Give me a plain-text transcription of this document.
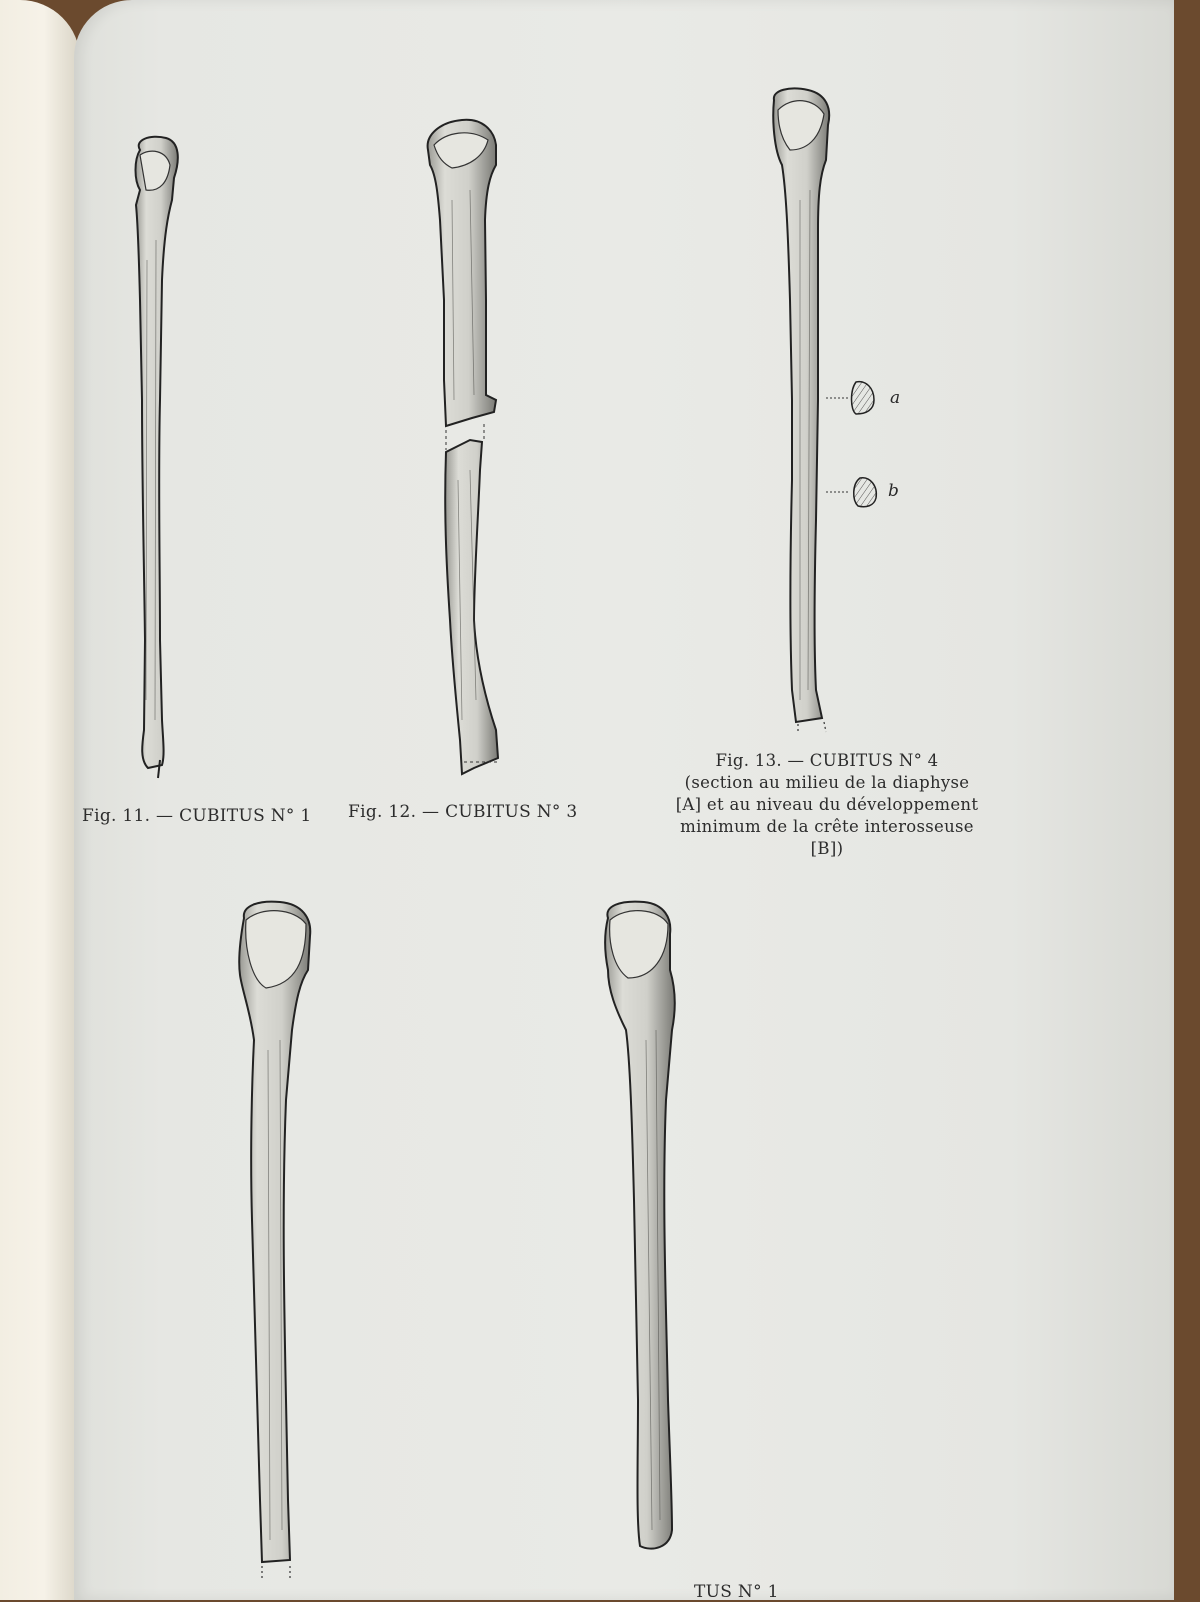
Fig. 11. — CUBITUS N° 1 Fig. 12. — CUBITUS N° 3
Fig. 13. — CUBITUS N° 4
(section au milieu de la diaphyse
[A] et au niveau du développement
minimum de la crête interosseuse
[B])
a
b
TUS N° 1
